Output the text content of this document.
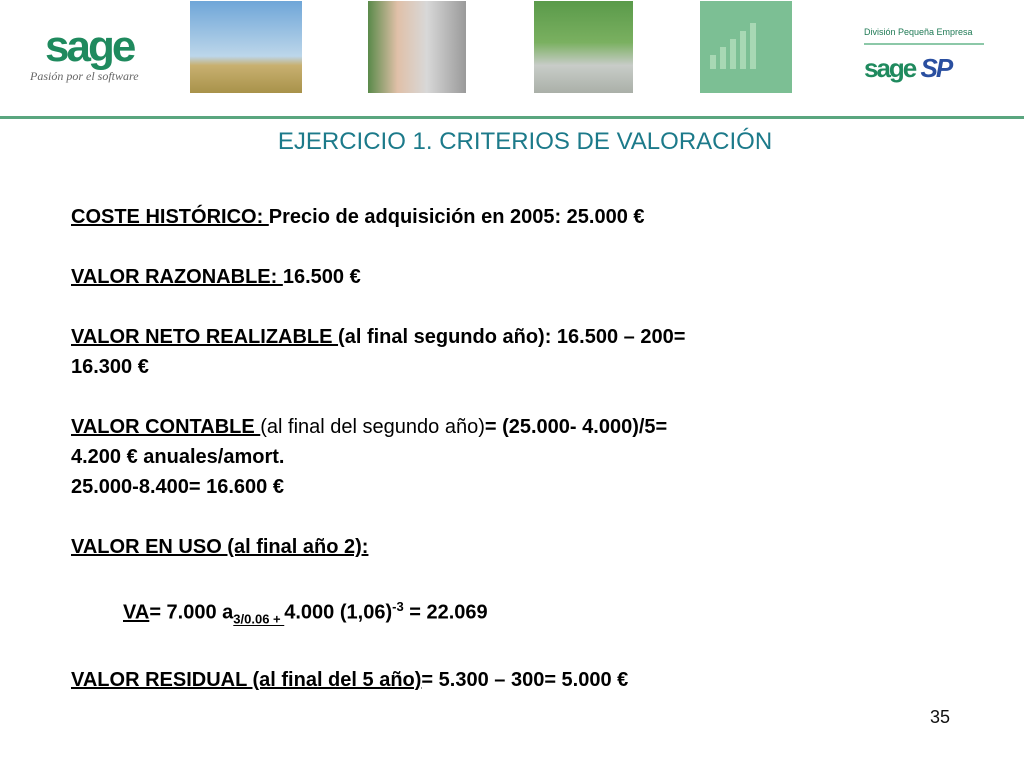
sage
Pasión por el software
División Pequeña Empresa
sage SP
EJERCICIO 1. CRITERIOS DE VALORACIÓN

COSTE HISTÓRICO: Precio de adquisición en 2005: 25.000 €

VALOR RAZONABLE: 16.500 €

VALOR NETO REALIZABLE (al final segundo año): 16.500 – 200=

16.300 €

VALOR CONTABLE (al final del segundo año)= (25.000- 4.000)/5=

4.200 € anuales/amort.

25.000-8.400= 16.600 €

VALOR EN USO (al final año 2):

VA= 7.000 $a_{3/0.06 +}$ 4.000 $(1,06)^{-3} = 22.069$

VALOR RESIDUAL (al final del 5 año)= 5.300 – 300= 5.000 €

35
